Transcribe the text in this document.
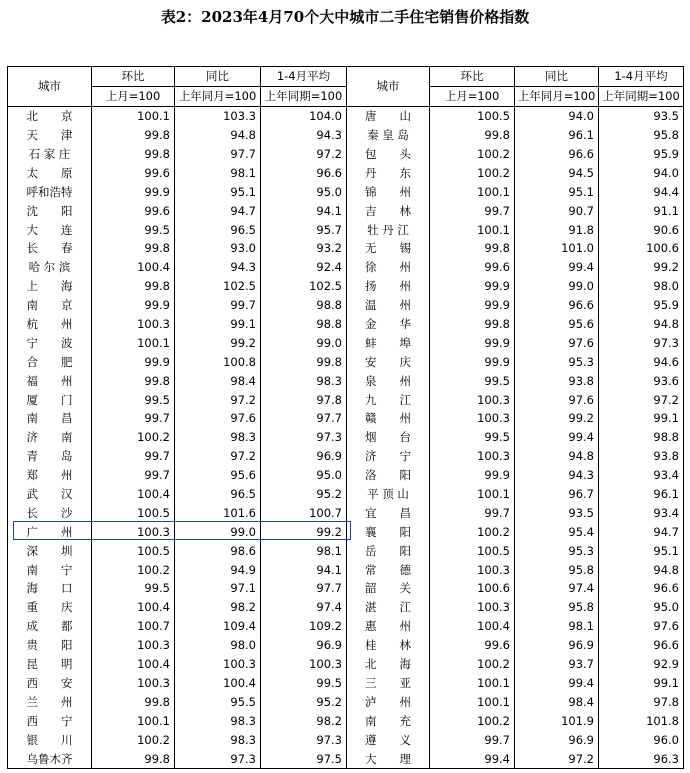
表2：2023年4月70个大中城市二手住宅销售价格指数
城市	环比	同比	1-4月平均	城市	环比	同比	1-4月平均
	上月=100	上年同月=100	上年同期=100		上月=100	上年同月=100	上年同期=100
北　　京	100.1	103.3	104.0	唐　　山	100.5	94.0	93.5
天　　津	99.8	94.8	94.3	秦 皇 岛	99.8	96.1	95.8
石 家 庄	99.8	97.7	97.2	包　　头	100.2	96.6	95.9
太　　原	99.6	98.1	96.6	丹　　东	100.2	94.5	94.0
呼和浩特	99.9	95.1	95.0	锦　　州	100.1	95.1	94.4
沈　　阳	99.6	94.7	94.1	吉　　林	99.7	90.7	91.1
大　　连	99.5	96.5	95.7	牡 丹 江	100.1	91.8	90.6
长　　春	99.8	93.0	93.2	无　　锡	99.8	101.0	100.6
哈 尔 滨	100.4	94.3	92.4	徐　　州	99.6	99.4	99.2
上　　海	99.8	102.5	102.5	扬　　州	99.9	99.0	98.0
南　　京	99.9	99.7	98.8	温　　州	99.9	96.6	95.9
杭　　州	100.3	99.1	98.8	金　　华	99.8	95.6	94.8
宁　　波	100.1	99.2	99.0	蚌　　埠	99.9	97.6	97.3
合　　肥	99.9	100.8	99.8	安　　庆	99.9	95.3	94.6
福　　州	99.8	98.4	98.3	泉　　州	99.5	93.8	93.6
厦　　门	99.5	97.2	97.8	九　　江	100.3	97.6	97.2
南　　昌	99.7	97.6	97.7	赣　　州	100.3	99.2	99.1
济　　南	100.2	98.3	97.3	烟　　台	99.5	99.4	98.8
青　　岛	99.7	97.2	96.9	济　　宁	100.3	94.8	93.8
郑　　州	99.7	95.6	95.0	洛　　阳	99.9	94.3	93.4
武　　汉	100.4	96.5	95.2	平 顶 山	100.1	96.7	96.1
长　　沙	100.5	101.6	100.7	宜　　昌	99.7	93.5	93.4
广　　州	100.3	99.0	99.2	襄　　阳	100.2	95.4	94.7
深　　圳	100.5	98.6	98.1	岳　　阳	100.5	95.3	95.1
南　　宁	100.2	94.9	94.1	常　　德	100.3	95.8	94.8
海　　口	99.5	97.1	97.7	韶　　关	100.6	97.4	96.6
重　　庆	100.4	98.2	97.4	湛　　江	100.3	95.8	95.0
成　　都	100.7	109.4	109.2	惠　　州	100.4	98.1	97.6
贵　　阳	100.3	98.0	96.9	桂　　林	99.6	96.9	96.6
昆　　明	100.4	100.3	100.3	北　　海	100.2	93.7	92.9
西　　安	100.3	100.4	99.5	三　　亚	100.1	99.4	99.1
兰　　州	99.8	95.5	95.2	泸　　州	100.1	98.4	97.8
西　　宁	100.1	98.3	98.2	南　　充	100.2	101.9	101.8
银　　川	100.2	98.3	97.3	遵　　义	99.7	96.9	96.0
乌鲁木齐	99.8	97.3	97.5	大　　理	99.4	97.2	96.3
